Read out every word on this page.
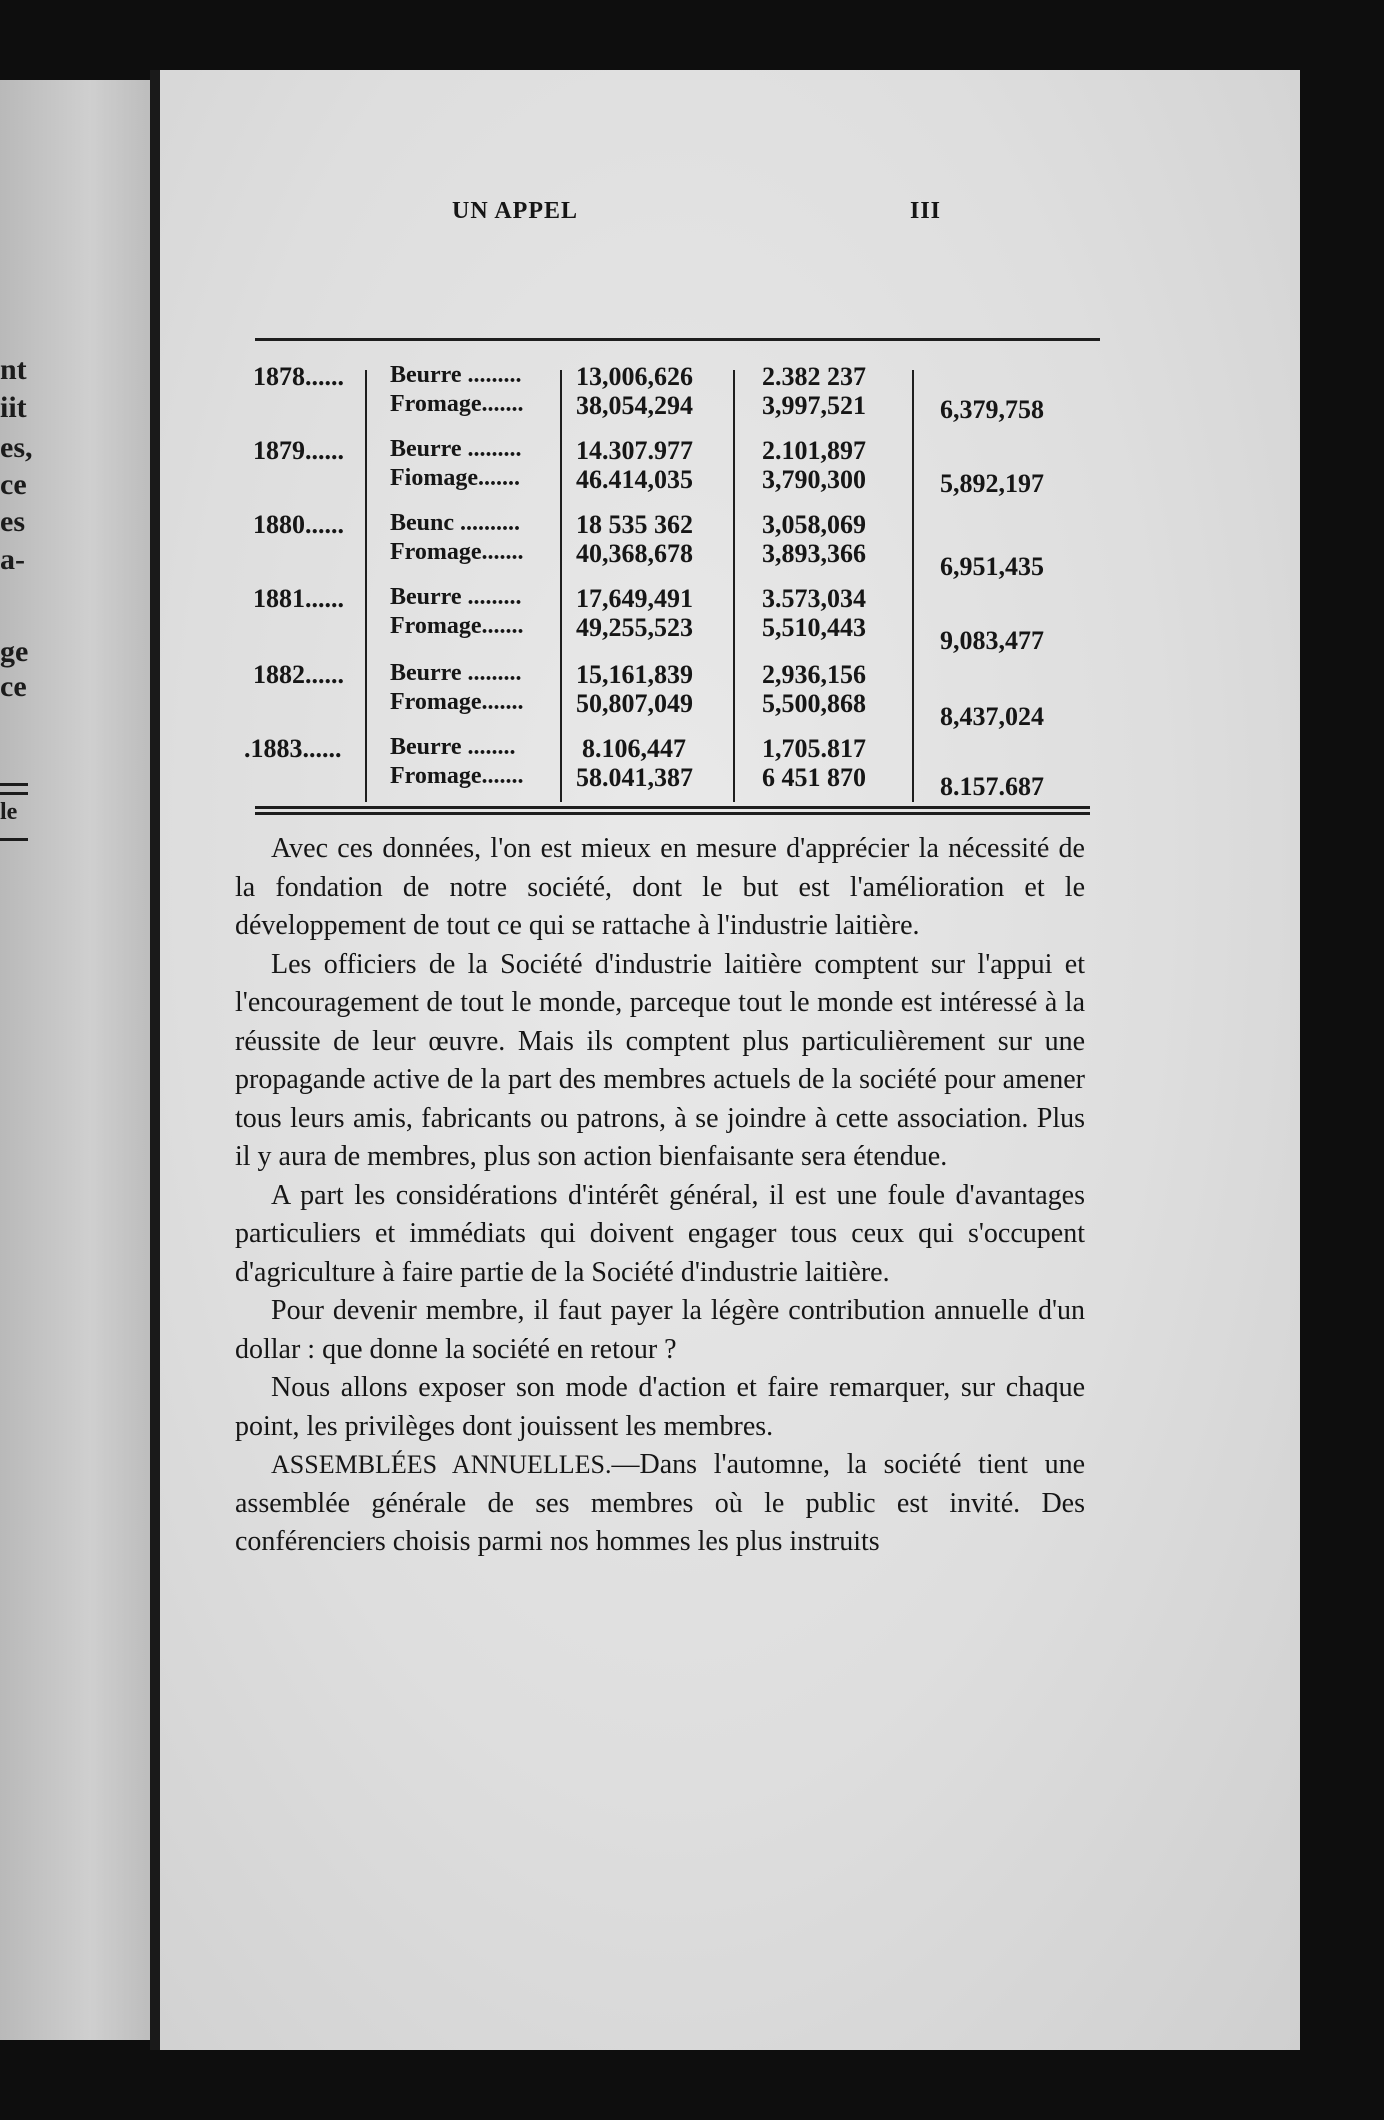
nt
iit
es,
ce
es
a-
ge
ce
le
UN APPEL	III
1878...... Beurre ......... 13,006,626	2.382 237
Fromage....... 38,054,294	3,997,521	6,379,758
1879...... Beurre ......... 14.307.977	2.101,897
Fiomage....... 46.414,035	3,790,300	5,892,197
1880...... Beunc .......... 18 535 362	3,058,069
Fromage....... 40,368,678	3,893,366	6,951,435
1881...... Beurre ......... 17,649,491	3.573,034
Fromage....... 49,255,523	5,510,443	9,083,477
1882...... Beurre ......... 15,161,839	2,936,156
Fromage....... 50,807,049	5,500,868	8,437,024
.1883...... Beurre ........	8.106,447	1,705.817
Fromage....... 58.041,387	6 451 870	8.157.687

Avec ces données, l'on est mieux en mesure d'apprécier la nécessité de la fondation de notre société, dont le but est l'amélioration et le développement de tout ce qui se rattache à l'industrie laitière.

Les officiers de la Société d'industrie laitière comptent sur l'appui et l'encouragement de tout le monde, parceque tout le monde est intéressé à la réussite de leur œuvre. Mais ils comptent plus particulièrement sur une propagande active de la part des membres actuels de la société pour amener tous leurs amis, fabricants ou patrons, à se joindre à cette association. Plus il y aura de membres, plus son action bienfaisante sera étendue.

A part les considérations d'intérêt général, il est une foule d'avantages particuliers et immédiats qui doivent engager tous ceux qui s'occupent d'agriculture à faire partie de la Société d'industrie laitière.

Pour devenir membre, il faut payer la légère contribution annuelle d'un dollar : que donne la société en retour ?

Nous allons exposer son mode d'action et faire remarquer, sur chaque point, les privilèges dont jouissent les membres.

ASSEMBLÉES ANNUELLES.—Dans l'automne, la société tient une assemblée générale de ses membres où le public est invité. Des conférenciers choisis parmi nos hommes les plus instruits
